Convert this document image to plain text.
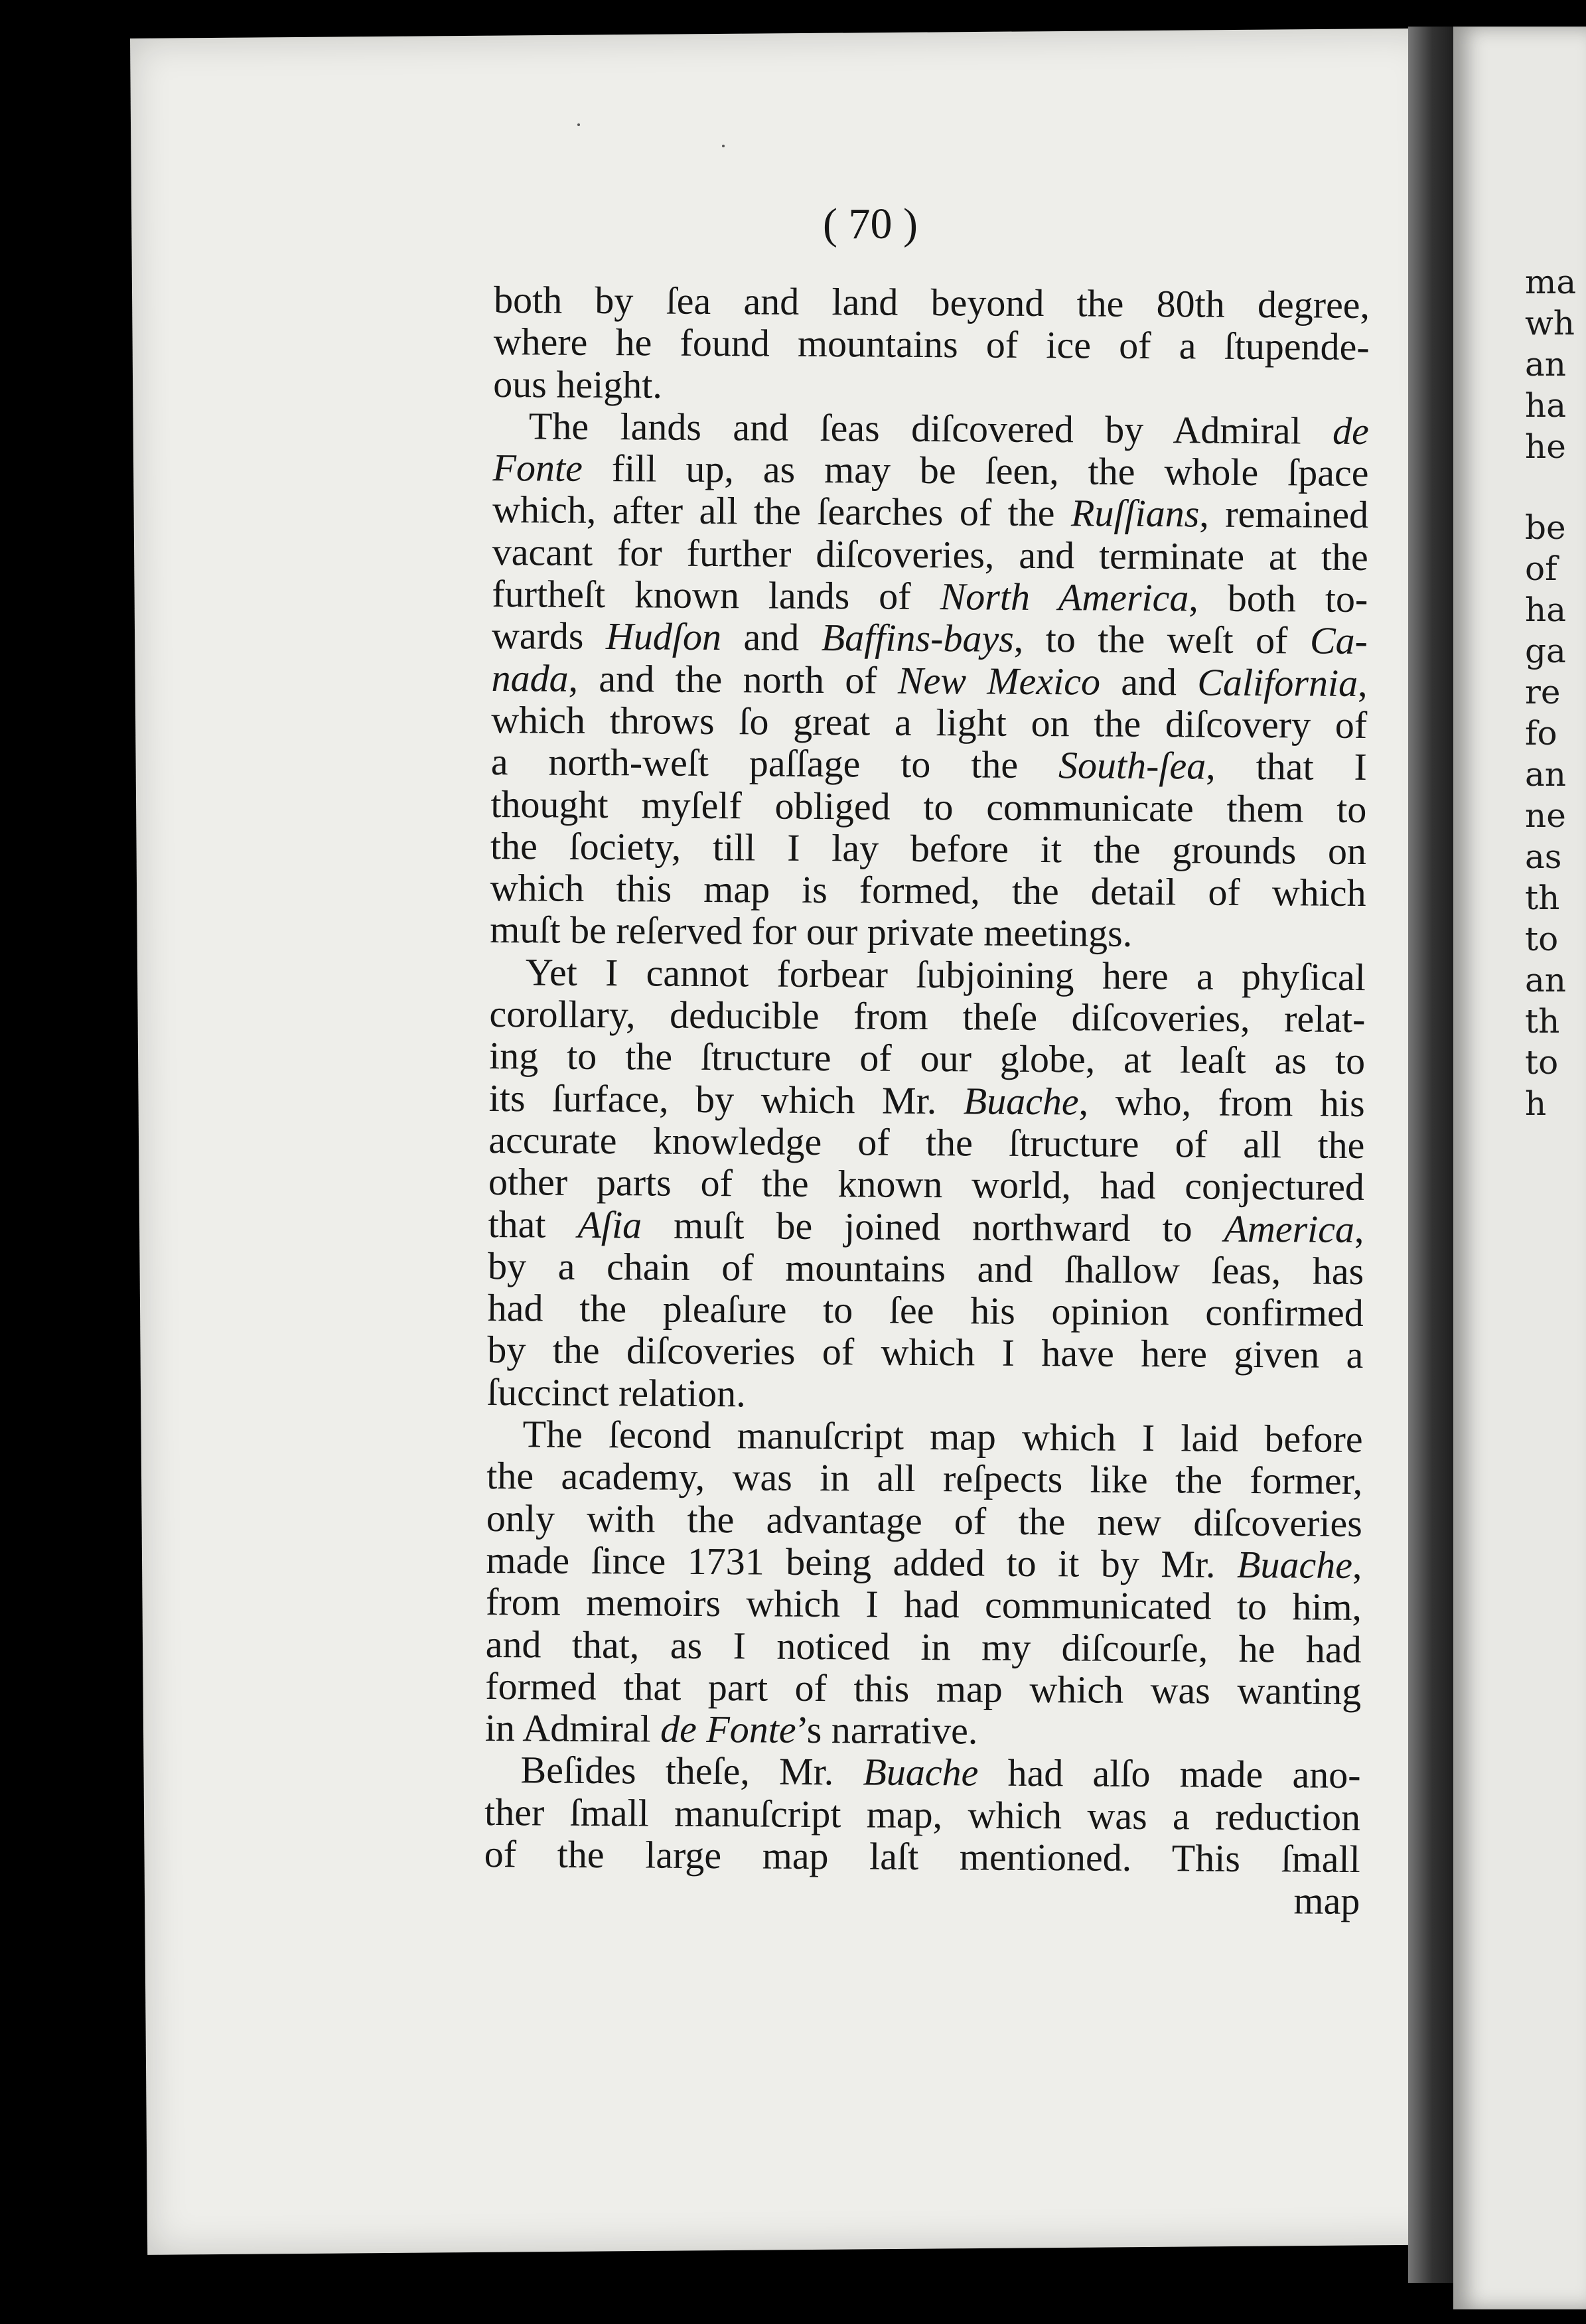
( 70 )
both by ſea and land beyond the 80th degree,
where he found mountains of ice of a ſtupende-
ous height.
The lands and ſeas diſcovered by Admiral de
Fonte fill up, as may be ſeen, the whole ſpace
which, after all the ſearches of the Ruſſians, remained
vacant for further diſcoveries, and terminate at the
furtheſt known lands of North America, both to-
wards Hudſon and Baffins-bays, to the weſt of Ca-
nada, and the north of New Mexico and California,
which throws ſo great a light on the diſcovery of
a north-weſt paſſage to the South-ſea, that I
thought myſelf obliged to communicate them to
the ſociety, till I lay before it the grounds on
which this map is formed, the detail of which
muſt be reſerved for our private meetings.
Yet I cannot forbear ſubjoining here a phyſical
corollary, deducible from theſe diſcoveries, relat-
ing to the ſtructure of our globe, at leaſt as to
its ſurface, by which Mr. Buache, who, from his
accurate knowledge of the ſtructure of all the
other parts of the known world, had conjectured
that Aſia muſt be joined northward to America,
by a chain of mountains and ſhallow ſeas, has
had the pleaſure to ſee his opinion confirmed
by the diſcoveries of which I have here given a
ſuccinct relation.
The ſecond manuſcript map which I laid before
the academy, was in all reſpects like the former,
only with the advantage of the new diſcoveries
made ſince 1731 being added to it by Mr. Buache,
from memoirs which I had communicated to him,
and that, as I noticed in my diſcourſe, he had
formed that part of this map which was wanting
in Admiral de Fonte’s narrative.
Beſides theſe, Mr. Buache had alſo made ano-
ther ſmall manuſcript map, which was a reduction
of the large map laſt mentioned. This ſmall
map
ma
wh
an
ha
he
be
of
ha
ga
re
fo
an
ne
as
th
to
an
th
to
h
